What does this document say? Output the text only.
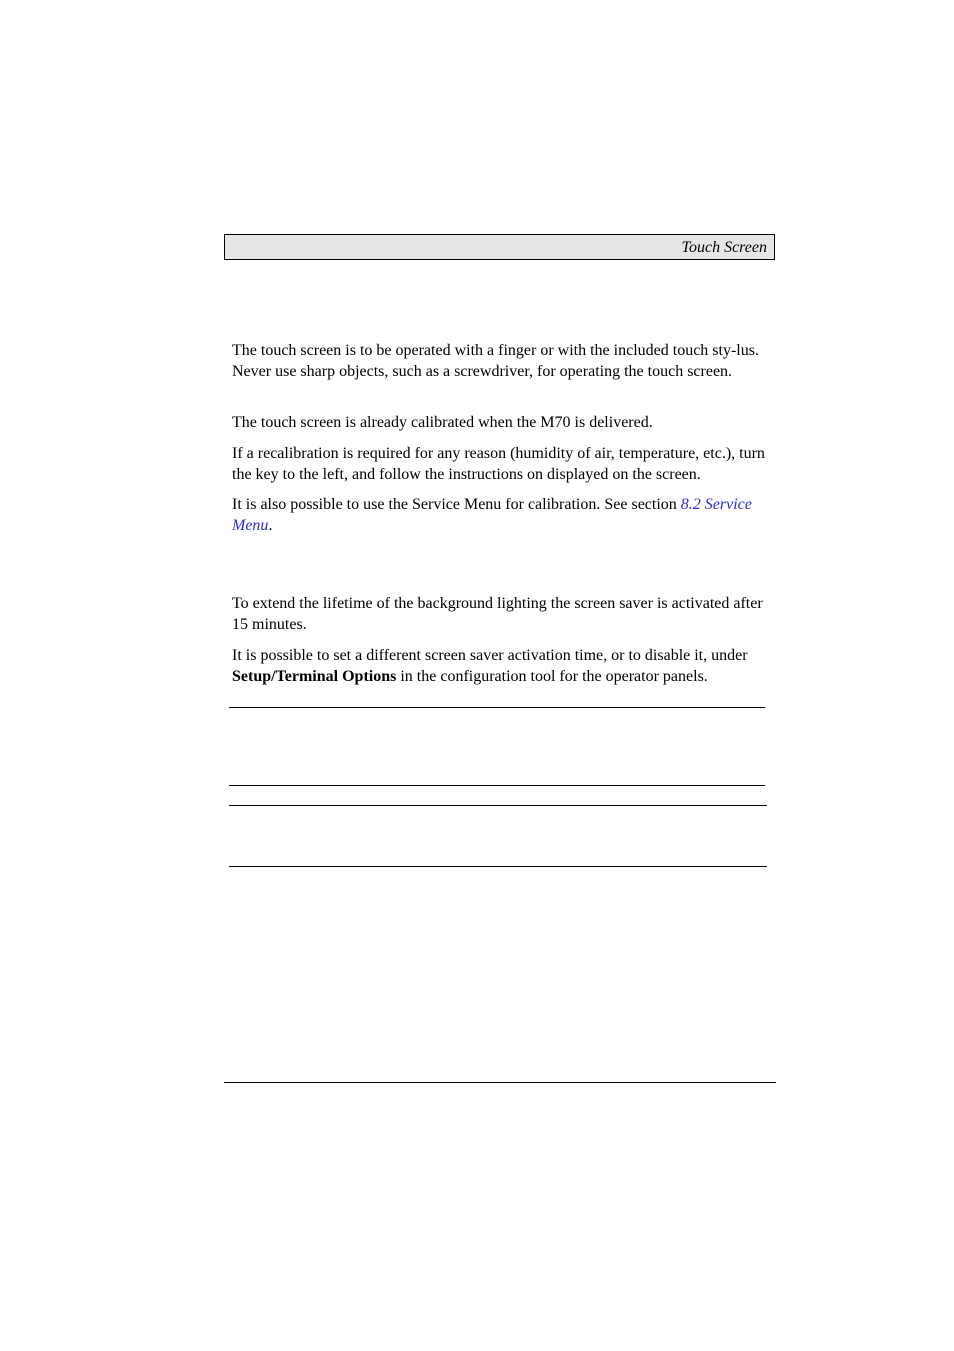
Touch Screen

The touch screen is to be operated with a finger or with the included touch sty-lus. Never use sharp objects, such as a screwdriver, for operating the touch screen.

The touch screen is already calibrated when the M70 is delivered.

If a recalibration is required for any reason (humidity of air, temperature, etc.), turn the key to the left, and follow the instructions on displayed on the screen.

It is also possible to use the Service Menu for calibration. See section 8.2 Service Menu.

To extend the lifetime of the background lighting the screen saver is activated after 15 minutes.

It is possible to set a different screen saver activation time, or to disable it, under Setup/Terminal Options in the configuration tool for the operator panels.
